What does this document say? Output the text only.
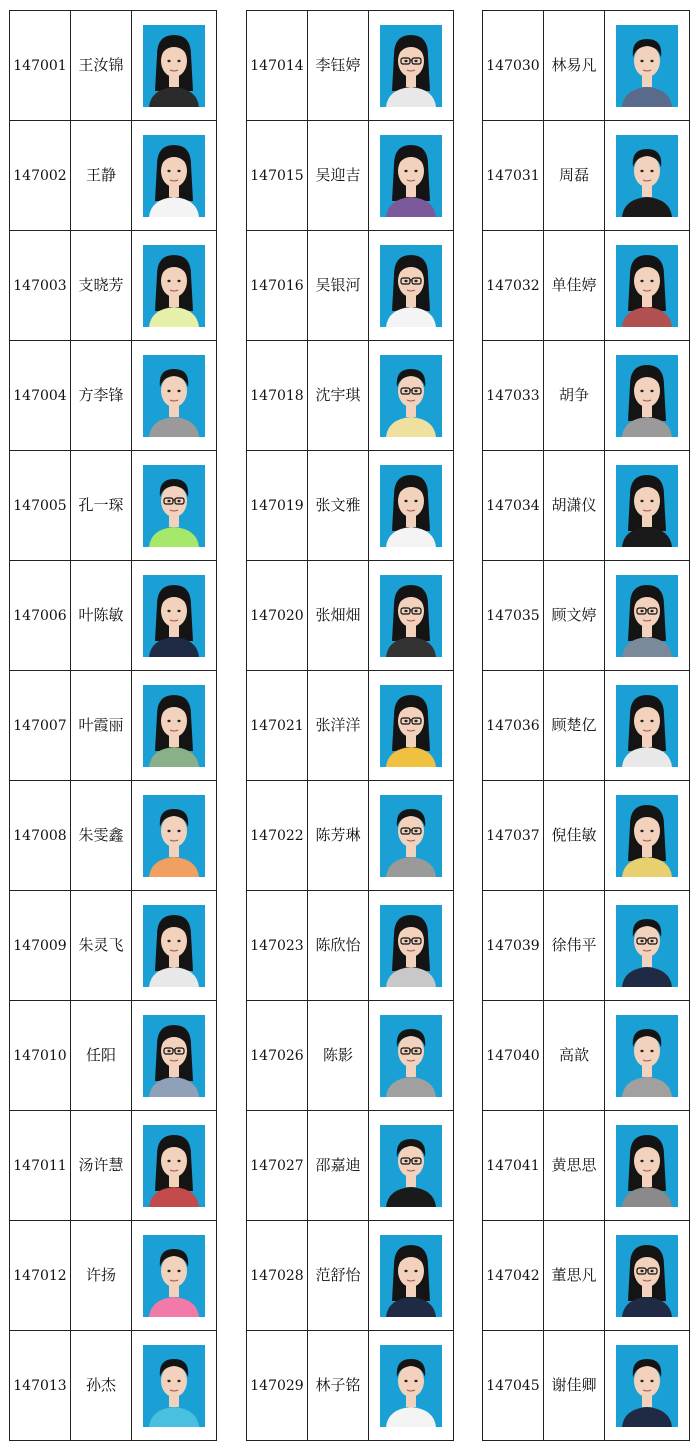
147001	王汝锦	

147002	王静	

147003	支晓芳	

147004	方李锋	

147005	孔一琛	

147006	叶陈敏	

147007	叶霞丽	

147008	朱雯鑫	

147009	朱灵飞	

147010	任阳	

147011	汤许慧	

147012	许扬	

147013	孙杰	
147014	李钰婷	

147015	吴迎吉	

147016	吴银河	

147018	沈宇琪	

147019	张文雅	

147020	张畑畑	

147021	张洋洋	

147022	陈芳琳	

147023	陈欣怡	

147026	陈影	

147027	邵嘉迪	

147028	范舒怡	

147029	林子铭	
147030	林易凡	

147031	周磊	

147032	单佳婷	

147033	胡争	

147034	胡潇仪	

147035	顾文婷	

147036	顾楚亿	

147037	倪佳敏	

147039	徐伟平	

147040	高歆	

147041	黄思思	

147042	董思凡	

147045	谢佳卿	
